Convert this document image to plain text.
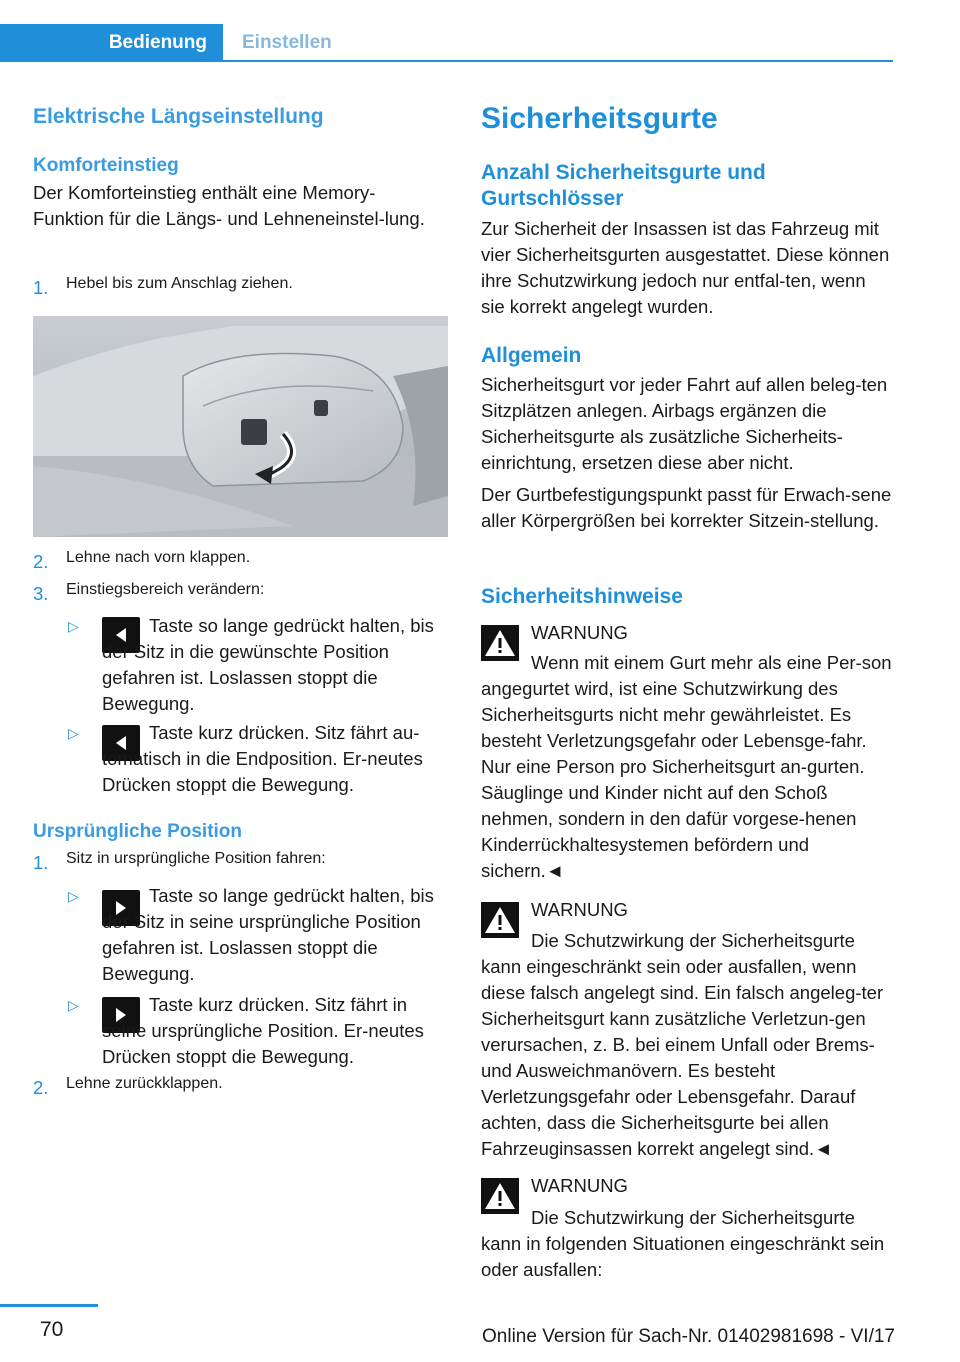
Bedienung	Einstellen

Elektrische Längseinstellung

Komforteinstieg

Der Komforteinstieg enthält eine Memory-Funktion für die Längs- und Lehneneinstel-lung.

1. Hebel bis zum Anschlag ziehen.
2. Lehne nach vorn klappen.
3. Einstiegsbereich verändern:
▷	Taste so lange gedrückt halten, bis der Sitz in die gewünschte Position gefahren ist. Loslassen stoppt die Bewegung.

▷	Taste kurz drücken. Sitz fährt au-tomatisch in die Endposition. Er-neutes Drücken stoppt die Bewegung.

Ursprüngliche Position

1. Sitz in ursprüngliche Position fahren:
▷	Taste so lange gedrückt halten, bis der Sitz in seine ursprüngliche Position gefahren ist. Loslassen stoppt die Bewegung.

▷	Taste kurz drücken. Sitz fährt in seine ursprüngliche Position. Er-neutes Drücken stoppt die Bewegung.

2. Lehne zurückklappen.

Sicherheitsgurte

Anzahl Sicherheitsgurte und Gurtschlösser

Zur Sicherheit der Insassen ist das Fahrzeug mit vier Sicherheitsgurten ausgestattet. Diese können ihre Schutzwirkung jedoch nur entfal-ten, wenn sie korrekt angelegt wurden.

Allgemein

Sicherheitsgurt vor jeder Fahrt auf allen beleg-ten Sitzplätzen anlegen. Airbags ergänzen die Sicherheitsgurte als zusätzliche Sicherheits-einrichtung, ersetzen diese aber nicht.

Der Gurtbefestigungspunkt passt für Erwach-sene aller Körpergrößen bei korrekter Sitzein-stellung.

Sicherheitshinweise

WARNUNG

Wenn mit einem Gurt mehr als eine Per-son angegurtet wird, ist eine Schutzwirkung des Sicherheitsgurts nicht mehr gewährleistet. Es besteht Verletzungsgefahr oder Lebensge-fahr. Nur eine Person pro Sicherheitsgurt an-gurten. Säuglinge und Kinder nicht auf den Schoß nehmen, sondern in den dafür vorgese-henen Kinderrückhaltesystemen befördern und sichern.◄

WARNUNG

Die Schutzwirkung der Sicherheitsgurte kann eingeschränkt sein oder ausfallen, wenn diese falsch angelegt sind. Ein falsch angeleg-ter Sicherheitsgurt kann zusätzliche Verletzun-gen verursachen, z. B. bei einem Unfall oder Brems- und Ausweichmanövern. Es besteht Verletzungsgefahr oder Lebensgefahr. Darauf achten, dass die Sicherheitsgurte bei allen Fahrzeuginsassen korrekt angelegt sind.◄

WARNUNG

Die Schutzwirkung der Sicherheitsgurte kann in folgenden Situationen eingeschränkt sein oder ausfallen:

70	Online Version für Sach-Nr. 01402981698 - VI/17
